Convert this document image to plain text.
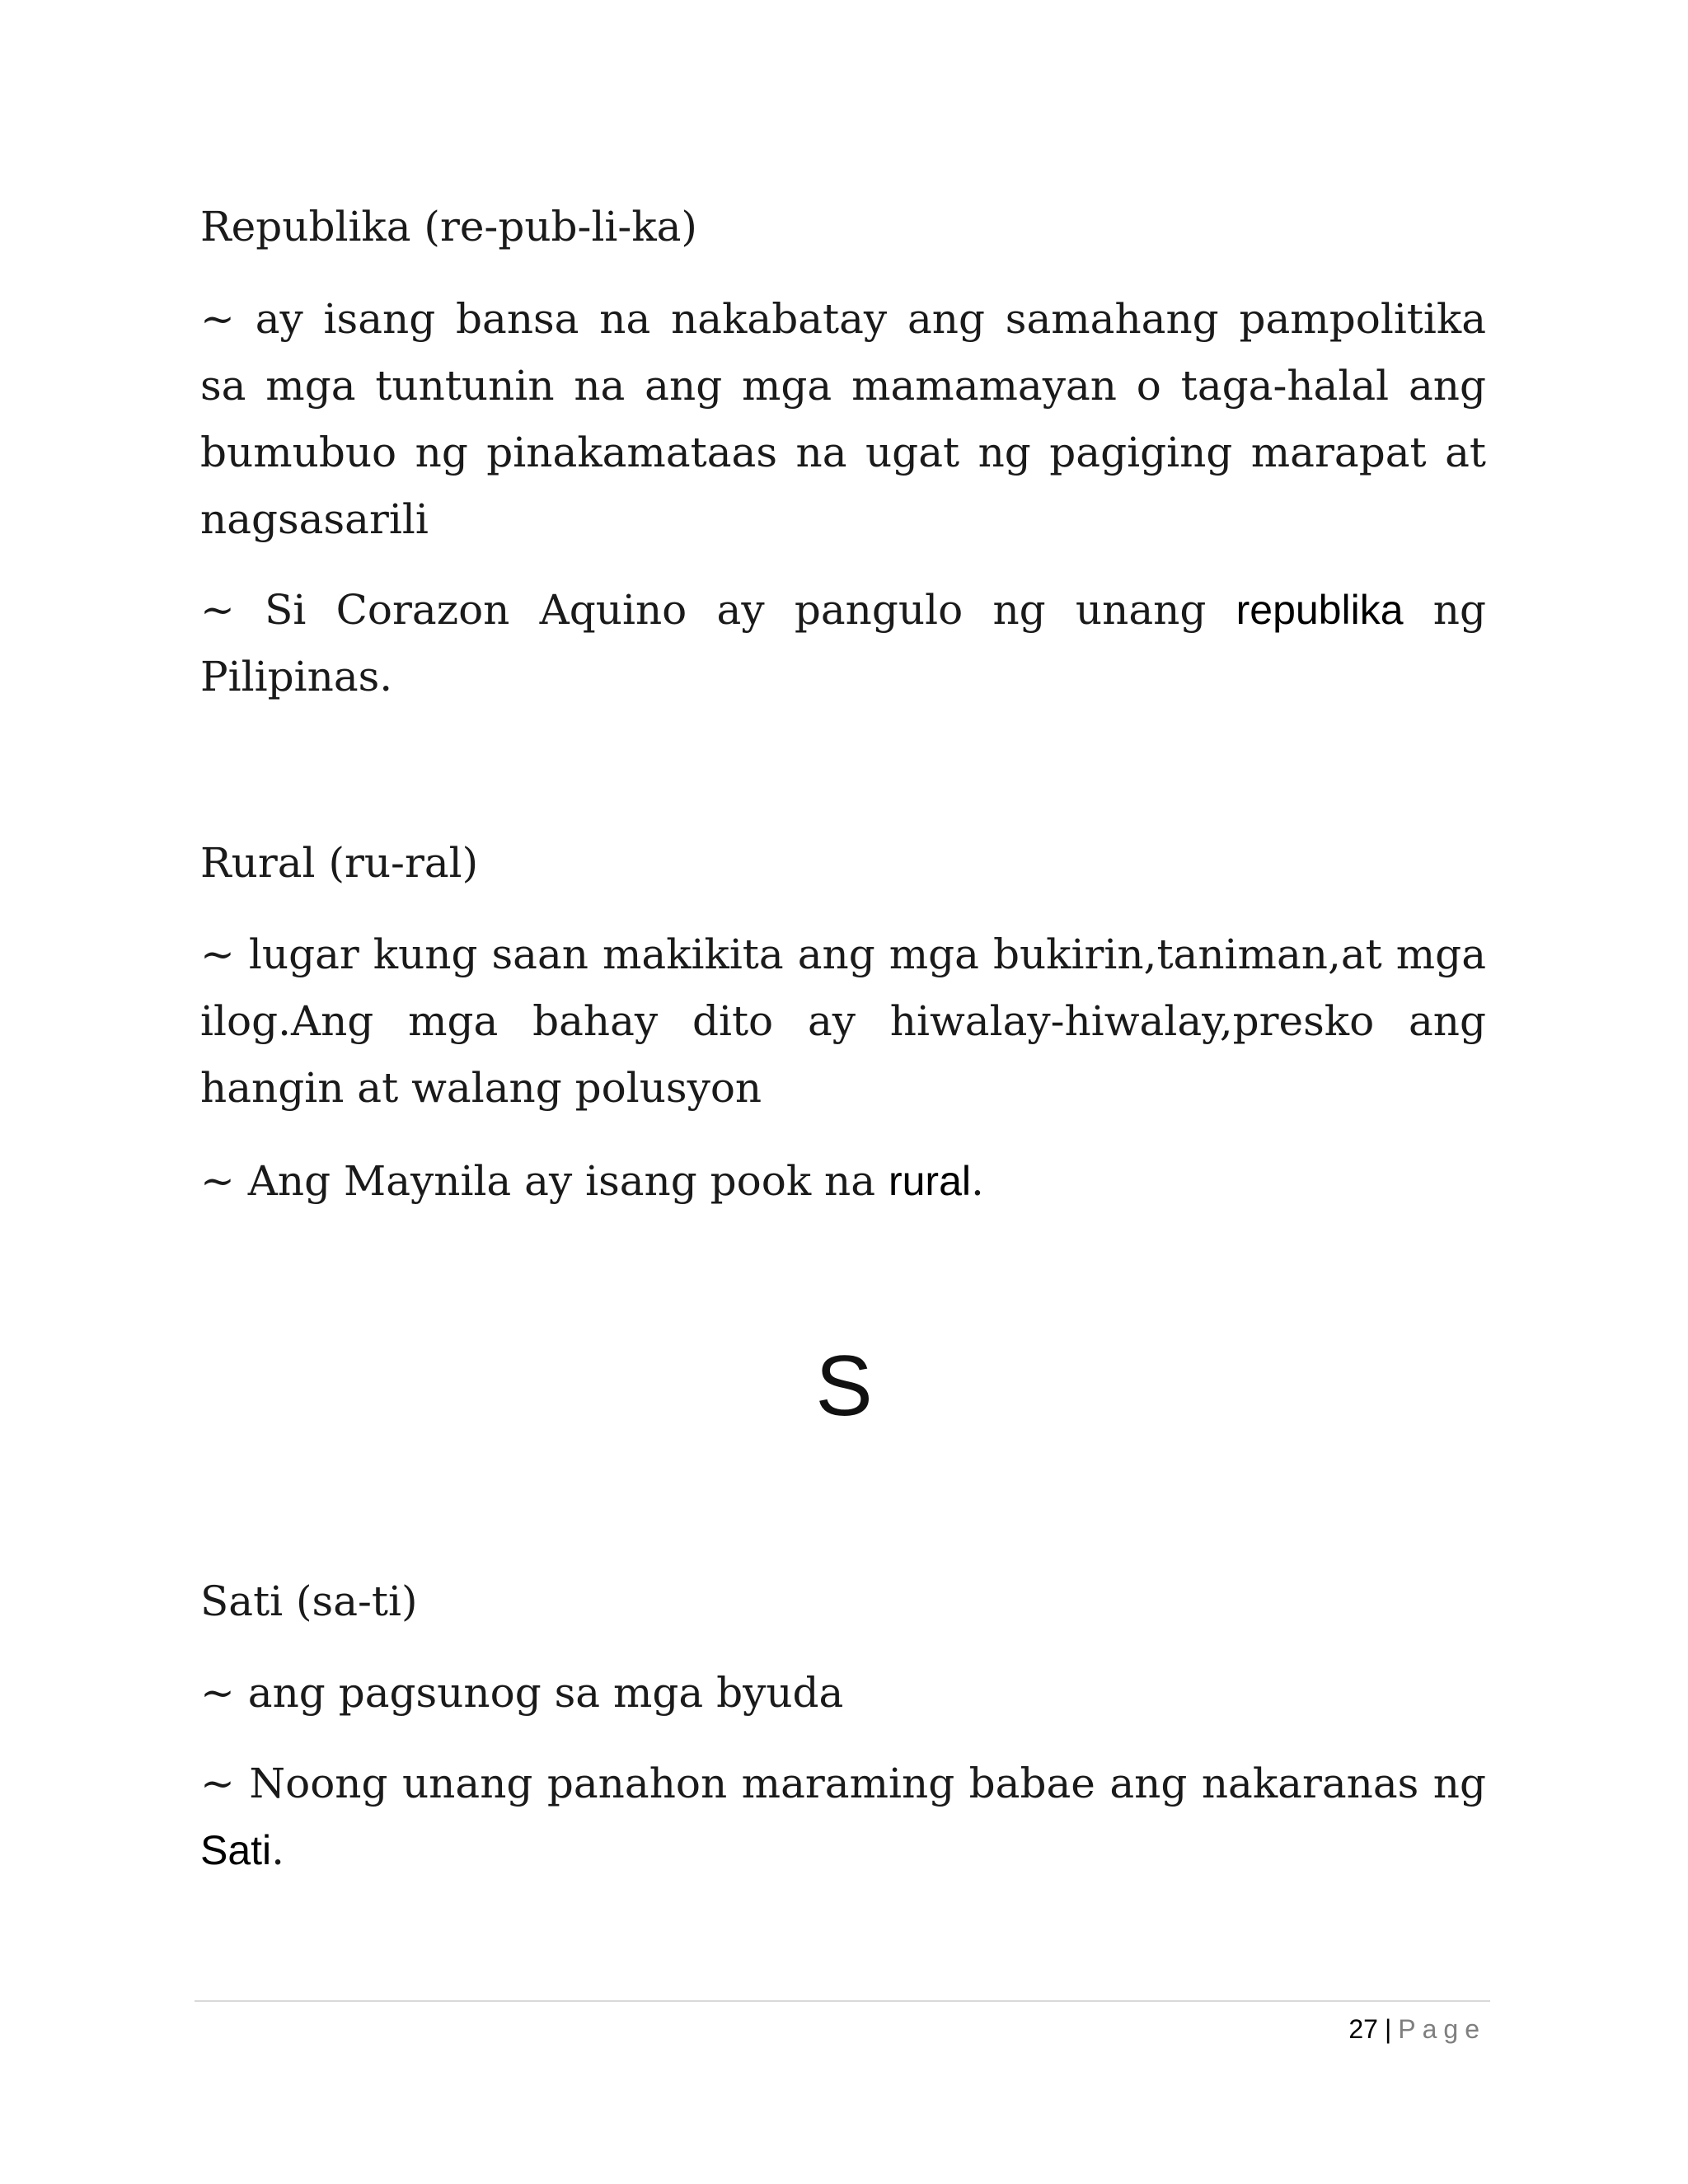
Republika (re-pub-li-ka)

~ ay isang bansa na nakabatay ang samahang pampolitika sa mga tuntunin na ang mga mamamayan o taga-halal ang bumubuo ng pinakamataas na ugat ng pagiging marapat at nagsasarili

~ Si Corazon Aquino ay pangulo ng unang republika ng Pilipinas.

Rural (ru-ral)

~ lugar kung saan makikita ang mga bukirin,taniman,at mga ilog.Ang mga bahay dito ay hiwalay-hiwalay,presko ang hangin at walang polusyon

~ Ang Maynila ay isang pook na rural.

S

Sati (sa-ti)

~ ang pagsunog sa mga byuda

~ Noong unang panahon maraming babae ang nakaranas ng Sati.

27 | Page
